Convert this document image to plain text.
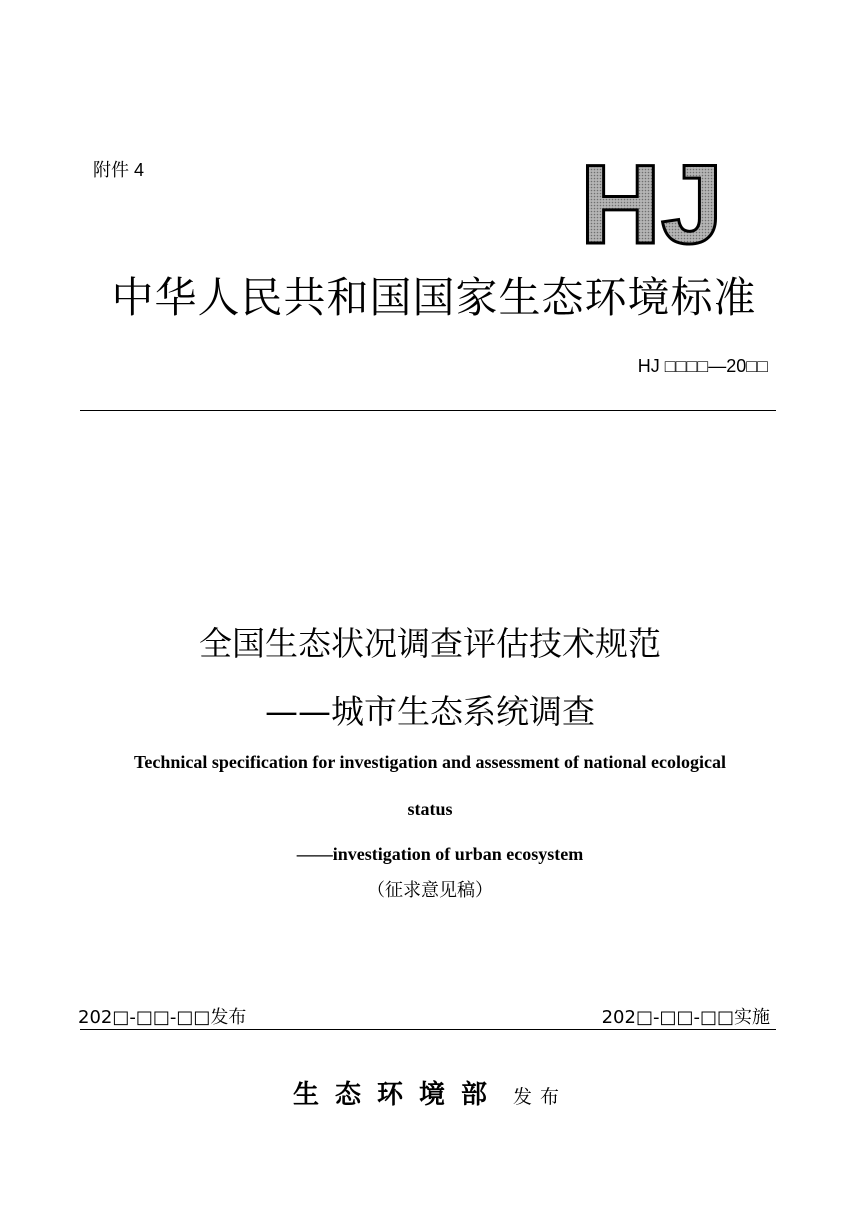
附件 4	HJ
中华人民共和国国家生态环境标准
HJ □□□□—20□□
全国生态状况调查评估技术规范
——城市生态系统调查
Technical specification for investigation and assessment of national ecological
status
——investigation of urban ecosystem
（征求意见稿）
202□-□□-□□发布	202□-□□-□□实施
生态环境部 发布
